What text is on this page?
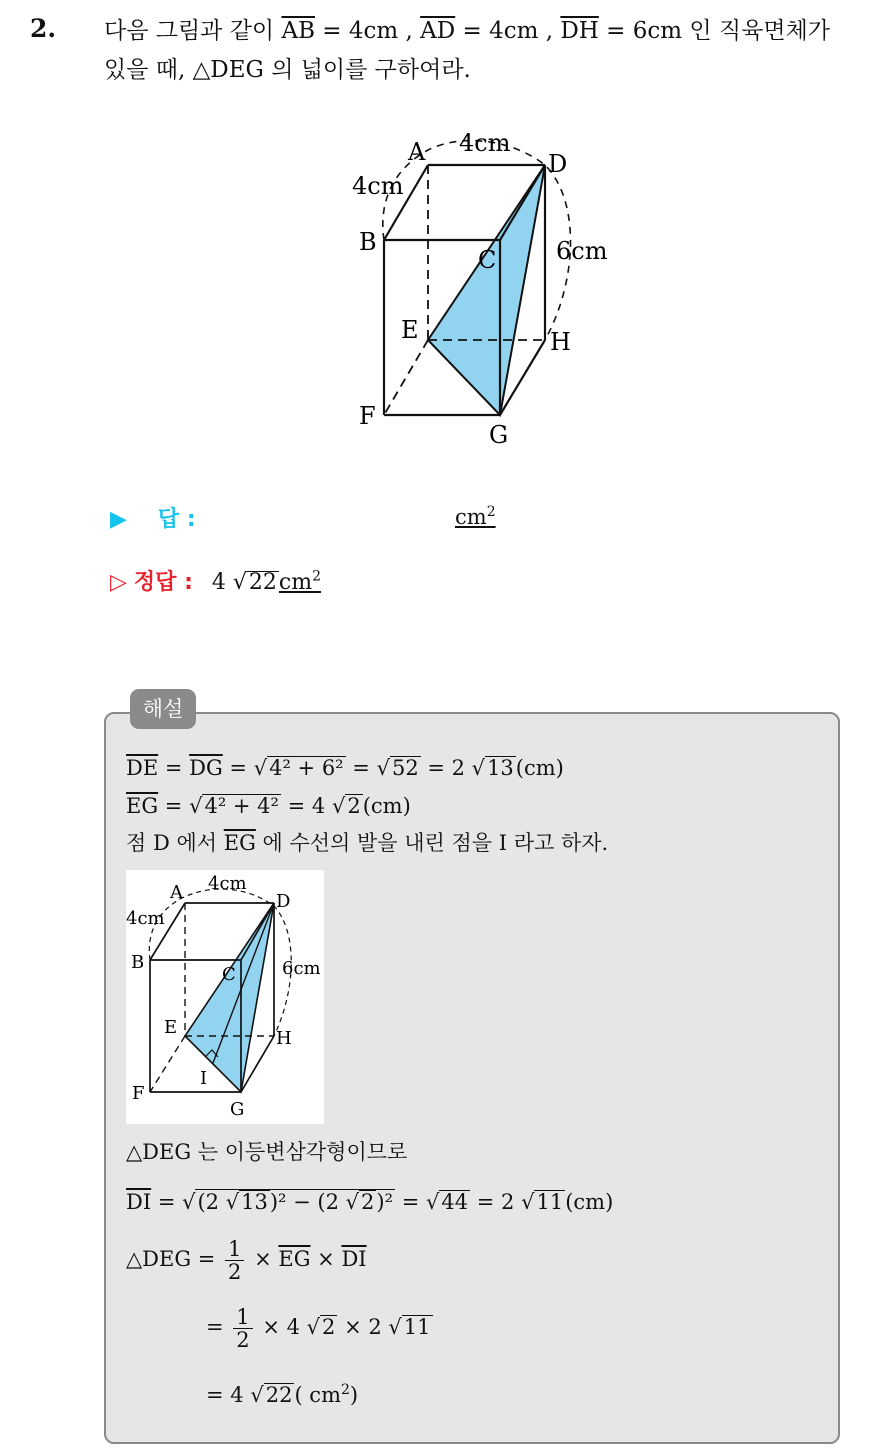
2. 다음 그림과 같이 $\overline{AB} = 4cm$ , $\overline{AD} = 4cm$ , $\overline{DH} = 6cm$ 인 직육면체가
있을 때, △DEG 의 넓이를 구하여라.
A	D
B
C
E	H
F
G
4cm
4cm
6cm
▶ 답 :	$cm^2$
▷ 정답 : 4 $√22cm^2$
해설
$\overline{DE} = \overline{DG} = √4^2 + 6^2 = √52 = 2$ √13(cm)
$\overline{EG} = √4^2 + 4^2 = 4$ √2(cm)
점 D 에서 $\overline{EG}$ 에 수선의 발을 내린 점을 I 라고 하자.
A	D
B
C
E
H
I
F
G
4cm
4cm
6cm
△DEG 는 이등변삼각형이므로
$\overline{DI} = √(2$ √13)² − (2 √2)² = √44 = 2 √11(cm)
△DEG = $\frac{1}{2} \times \overline{EG} \times \overline{DI}$
= $\frac{1}{2} \times 4$ √2 × 2 √11
= 4 √22( $cm^2$)
